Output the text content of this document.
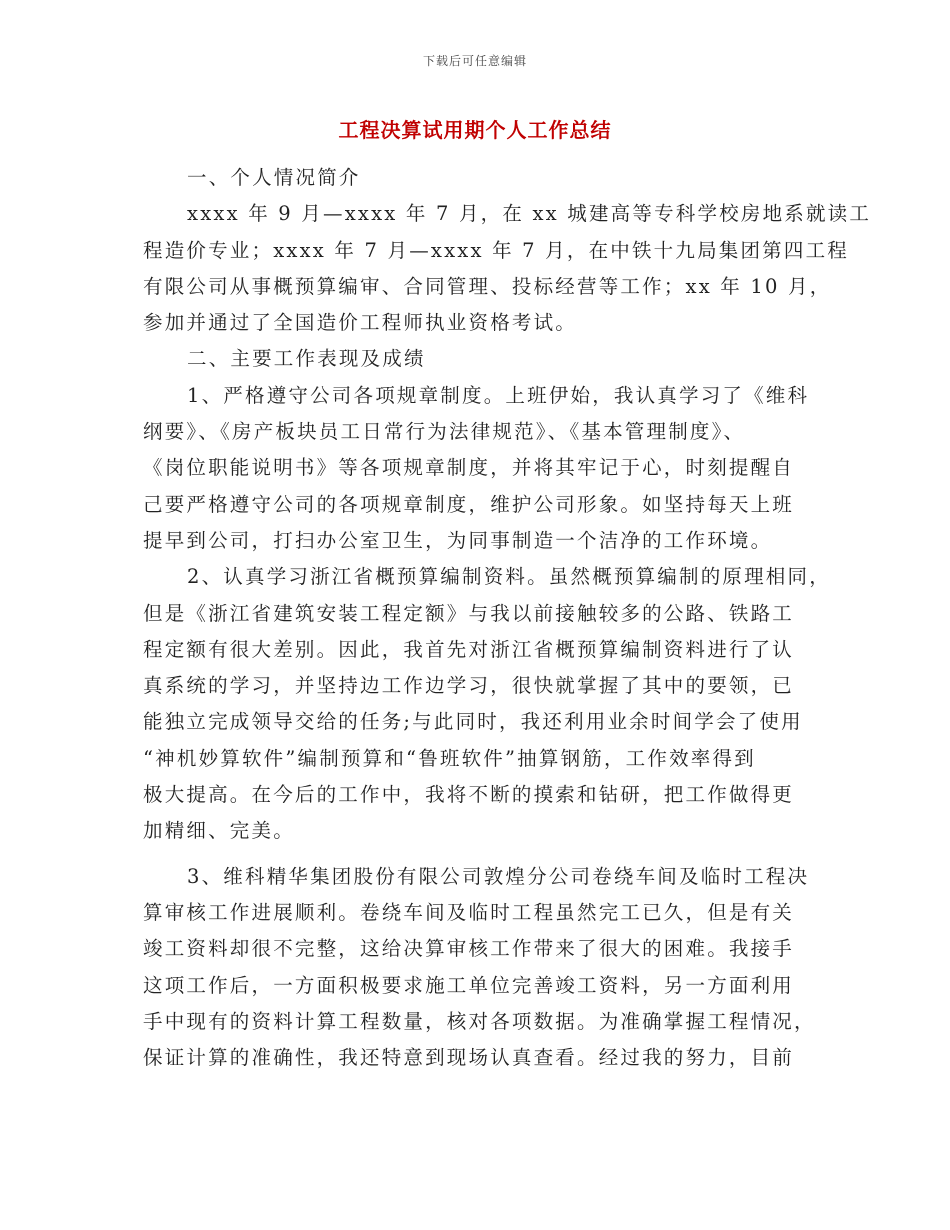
下载后可任意编辑
工程决算试用期个人工作总结
一、个人情况简介
xxxx 年 9 月—xxxx 年 7 月，在 xx 城建高等专科学校房地系就读工
程造价专业；xxxx 年 7 月—xxxx 年 7 月，在中铁十九局集团第四工程
有限公司从事概预算编审、合同管理、投标经营等工作；xx 年 10 月，
参加并通过了全国造价工程师执业资格考试。
二、主要工作表现及成绩
1、严格遵守公司各项规章制度。上班伊始，我认真学习了《维科
纲要》、《房产板块员工日常行为法律规范》、《基本管理制度》、
《岗位职能说明书》等各项规章制度，并将其牢记于心，时刻提醒自
己要严格遵守公司的各项规章制度，维护公司形象。如坚持每天上班
提早到公司，打扫办公室卫生，为同事制造一个洁净的工作环境。
2、认真学习浙江省概预算编制资料。虽然概预算编制的原理相同，
但是《浙江省建筑安装工程定额》与我以前接触较多的公路、铁路工
程定额有很大差别。因此，我首先对浙江省概预算编制资料进行了认
真系统的学习，并坚持边工作边学习，很快就掌握了其中的要领，已
能独立完成领导交给的任务;与此同时，我还利用业余时间学会了使用
“神机妙算软件”编制预算和“鲁班软件”抽算钢筋，工作效率得到
极大提高。在今后的工作中，我将不断的摸索和钻研，把工作做得更
加精细、完美。
3、维科精华集团股份有限公司敦煌分公司卷绕车间及临时工程决
算审核工作进展顺利。卷绕车间及临时工程虽然完工已久，但是有关
竣工资料却很不完整，这给决算审核工作带来了很大的困难。我接手
这项工作后，一方面积极要求施工单位完善竣工资料，另一方面利用
手中现有的资料计算工程数量，核对各项数据。为准确掌握工程情况，
保证计算的准确性，我还特意到现场认真查看。经过我的努力，目前
